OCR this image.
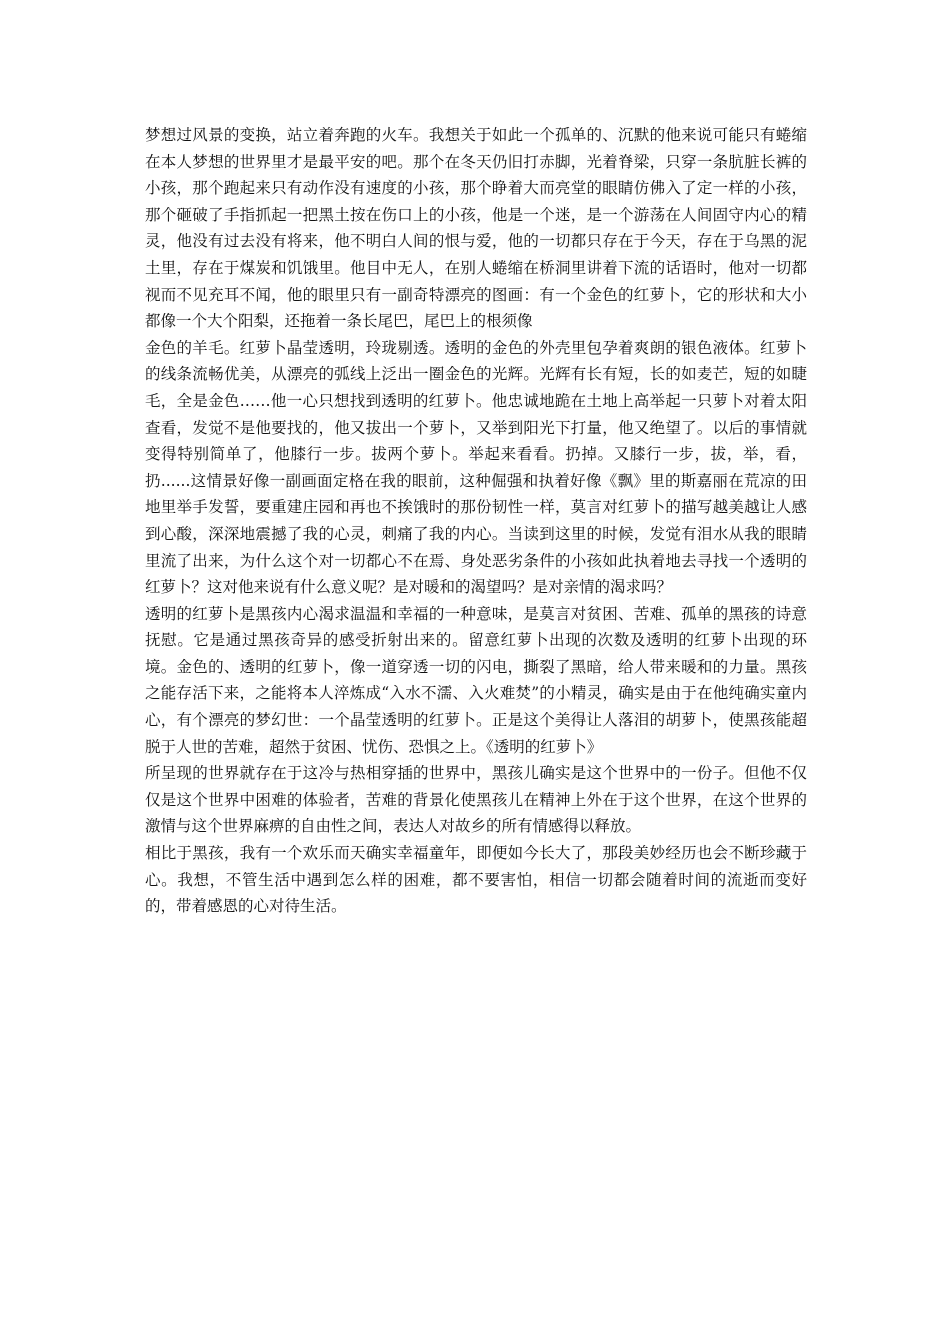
梦想过风景的变换，站立着奔跑的火车。我想关于如此一个孤单的、沉默的他来说可能只有蜷缩在本人梦想的世界里才是最平安的吧。那个在冬天仍旧打赤脚，光着脊梁，只穿一条肮脏长裤的小孩，那个跑起来只有动作没有速度的小孩，那个睁着大而亮堂的眼睛仿佛入了定一样的小孩，那个砸破了手指抓起一把黑土按在伤口上的小孩，他是一个迷，是一个游荡在人间固守内心的精灵，他没有过去没有将来，他不明白人间的恨与爱，他的一切都只存在于今天，存在于乌黑的泥土里，存在于煤炭和饥饿里。他目中无人，在别人蜷缩在桥洞里讲着下流的话语时，他对一切都视而不见充耳不闻，他的眼里只有一副奇特漂亮的图画：有一个金色的红萝卜，它的形状和大小都像一个大个阳梨，还拖着一条长尾巴，尾巴上的根须像

金色的羊毛。红萝卜晶莹透明，玲珑剔透。透明的金色的外壳里包孕着爽朗的银色液体。红萝卜的线条流畅优美，从漂亮的弧线上泛出一圈金色的光辉。光辉有长有短，长的如麦芒，短的如睫毛，全是金色……他一心只想找到透明的红萝卜。他忠诚地跪在土地上高举起一只萝卜对着太阳查看，发觉不是他要找的，他又拔出一个萝卜，又举到阳光下打量，他又绝望了。以后的事情就变得特别简单了，他膝行一步。拔两个萝卜。举起来看看。扔掉。又膝行一步，拔，举，看，扔......这情景好像一副画面定格在我的眼前，这种倔强和执着好像《飘》里的斯嘉丽在荒凉的田地里举手发誓，要重建庄园和再也不挨饿时的那份韧性一样，莫言对红萝卜的描写越美越让人感到心酸，深深地震撼了我的心灵，刺痛了我的内心。当读到这里的时候，发觉有泪水从我的眼睛里流了出来，为什么这个对一切都心不在焉、身处恶劣条件的小孩如此执着地去寻找一个透明的红萝卜？这对他来说有什么意义呢？是对暖和的渴望吗？是对亲情的渴求吗？

透明的红萝卜是黑孩内心渴求温温和幸福的一种意味，是莫言对贫困、苦难、孤单的黑孩的诗意抚慰。它是通过黑孩奇异的感受折射出来的。留意红萝卜出现的次数及透明的红萝卜出现的环境。金色的、透明的红萝卜，像一道穿透一切的闪电，撕裂了黑暗，给人带来暖和的力量。黑孩之能存活下来，之能将本人淬炼成“入水不濡、入火难焚”的小精灵，确实是由于在他纯确实童内心，有个漂亮的梦幻世：一个晶莹透明的红萝卜。正是这个美得让人落泪的胡萝卜，使黑孩能超脱于人世的苦难，超然于贫困、忧伤、恐惧之上。《透明的红萝卜》

所呈现的世界就存在于这冷与热相穿插的世界中，黑孩儿确实是这个世界中的一份子。但他不仅仅是这个世界中困难的体验者，苦难的背景化使黑孩儿在精神上外在于这个世界，在这个世界的激情与这个世界麻痹的自由性之间，表达人对故乡的所有情感得以释放。

相比于黑孩，我有一个欢乐而天确实幸福童年，即便如今长大了，那段美妙经历也会不断珍藏于心。我想，不管生活中遇到怎么样的困难，都不要害怕，相信一切都会随着时间的流逝而变好的，带着感恩的心对待生活。
